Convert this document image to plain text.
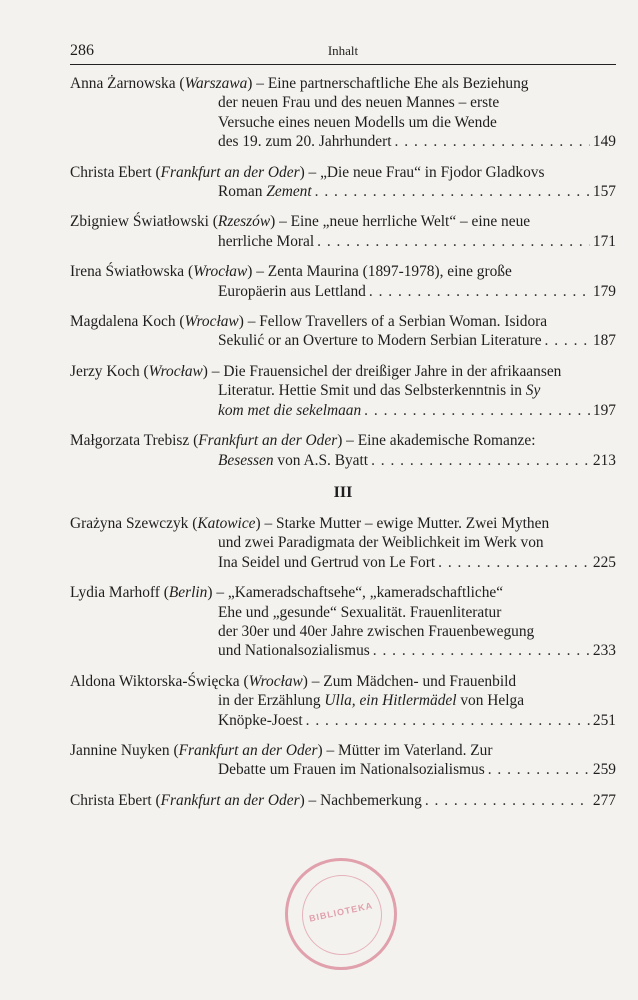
286	Inhalt
Anna Żarnowska (Warszawa) – Eine partnerschaftliche Ehe als Beziehung
der neuen Frau und des neuen Mannes – erste
Versuche eines neuen Modells um die Wende
des 19. zum 20. Jahrhundert . . .	149
Christa Ebert (Frankfurt an der Oder) – „Die neue Frau“ in Fjodor Gladkovs
Roman Zement . . .	157
Zbigniew Światłowski (Rzeszów) – Eine „neue herrliche Welt“ – eine neue
herrliche Moral . . .	171
Irena Światłowska (Wrocław) – Zenta Maurina (1897-1978), eine große
Europäerin aus Lettland . . .	179
Magdalena Koch (Wrocław) – Fellow Travellers of a Serbian Woman. Isidora
Sekulić or an Overture to Modern Serbian Literature . . .	187
Jerzy Koch (Wrocław) – Die Frauensichel der dreißiger Jahre in der afrikaansen
Literatur. Hettie Smit und das Selbsterkenntnis in Sy
kom met die sekelmaan . . .	197
Małgorzata Trebisz (Frankfurt an der Oder) – Eine akademische Romanze:
Besessen von A.S. Byatt . . .	213
III
Grażyna Szewczyk (Katowice) – Starke Mutter – ewige Mutter. Zwei Mythen
und zwei Paradigmata der Weiblichkeit im Werk von
Ina Seidel und Gertrud von Le Fort . . .	225
Lydia Marhoff (Berlin) – „Kameradschaftsehe“, „kameradschaftliche“
Ehe und „gesunde“ Sexualität. Frauenliteratur
der 30er und 40er Jahre zwischen Frauenbewegung
und Nationalsozialismus . . .	233
Aldona Wiktorska-Święcka (Wrocław) – Zum Mädchen- und Frauenbild
in der Erzählung Ulla, ein Hitlermädel von Helga
Knöpke-Joest . . .	251
Jannine Nuyken (Frankfurt an der Oder) – Mütter im Vaterland. Zur
Debatte um Frauen im Nationalsozialismus . . .	259
Christa Ebert (Frankfurt an der Oder) – Nachbemerkung . . .	277
BIBLIOTEKA
